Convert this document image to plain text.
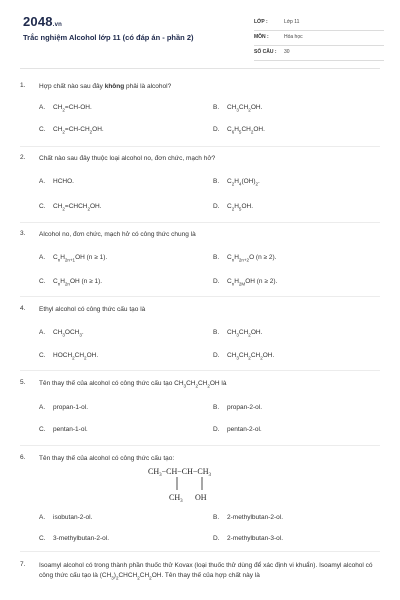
2048.vn
Trắc nghiệm Alcohol lớp 11 (có đáp án - phần 2)
LỚP :	Lớp 11
MÔN :	Hóa học
SỐ CÂU : 30
1. Hợp chất nào sau đây không phải là alcohol?
A. $CH_2=CH-OH$.	B. $CH_3CH_2OH$.
C. $CH_2=CH-CH_2OH$.	D. $C_6H_5CH_2OH$.
2. Chất nào sau đây thuộc loại alcohol no, đơn chức, mạch hở?
A. HCHO.	B. $C_2H_4(OH)_2$.
C. $CH_2=CHCH_2OH$.	D. $C_2H_5OH$.
3. Alcohol no, đơn chức, mạch hở có công thức chung là
A. $C_nH_{2n+1}OH$ (n ≥ 1).	B. $C_nH_{2n+2}O$ (n ≥ 2).
C. $C_nH_{2n}OH$ (n ≥ 1).	D. $C_nH_{2M}OH$ (n ≥ 2).
4. Ethyl alcohol có công thức cấu tạo là
A. $CH_3OCH_3$.	B. $CH_3CH_2OH$.
C. $HOCH_2CH_2OH$.	D. $CH_3CH_2CH_2OH$.
5. Tên thay thế của alcohol có công thức cấu tạo $CH_3CH_2CH_2OH$ là
A. propan-1-ol.	B. propan-2-ol.
C. pentan-1-ol.	D. pentan-2-ol.
6. Tên thay thế của alcohol có công thức cấu tạo:
$CH_3-CH-CH-CH_3$
$CH_3$ OH
A. isobutan-2-ol.	B. 2-methylbutan-2-ol.
C. 3-methylbutan-2-ol.	D. 2-methylbutan-3-ol.
7. Isoamyl alcohol có trong thành phần thuốc thử Kovax (loại thuốc thử dùng để xác định vi khuẩn). Isoamyl alcohol có công thức cấu tạo là $(CH_3)_2CHCH_2CH_2OH$. Tên thay thế của hợp chất này là
